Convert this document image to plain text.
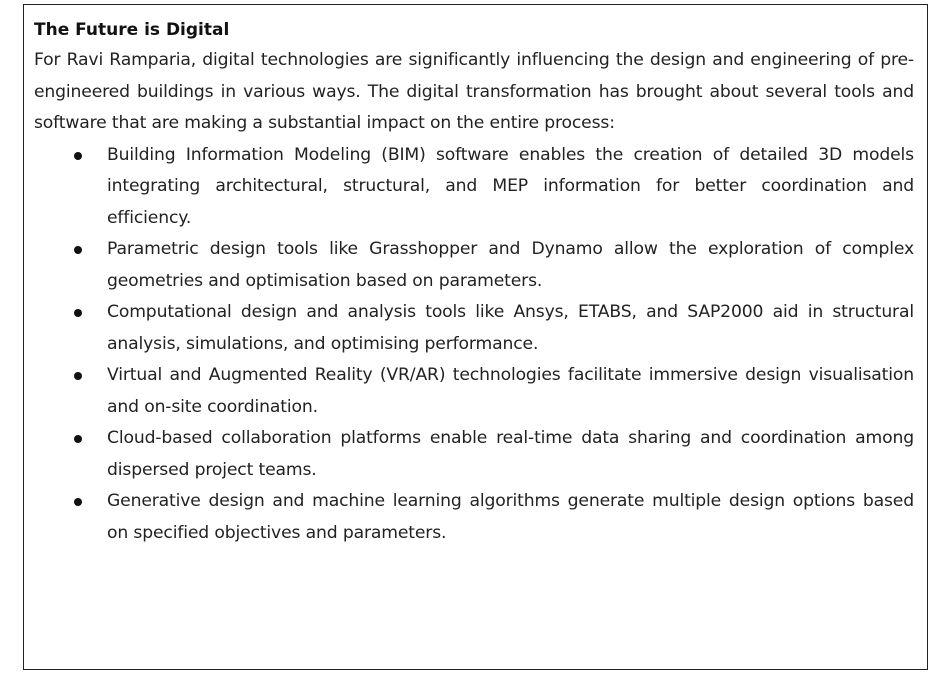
The Future is Digital

For Ravi Ramparia, digital technologies are significantly influencing the design and engineering of pre-engineered buildings in various ways. The digital transformation has brought about several tools and software that are making a substantial impact on the entire process:

Building Information Modeling (BIM) software enables the creation of detailed 3D models integrating architectural, structural, and MEP information for better coordination and efficiency.
Parametric design tools like Grasshopper and Dynamo allow the exploration of complex geometries and optimisation based on parameters.
Computational design and analysis tools like Ansys, ETABS, and SAP2000 aid in structural analysis, simulations, and optimising performance.
Virtual and Augmented Reality (VR/AR) technologies facilitate immersive design visualisation and on-site coordination.
Cloud-based collaboration platforms enable real-time data sharing and coordination among dispersed project teams.
Generative design and machine learning algorithms generate multiple design options based on specified objectives and parameters.
